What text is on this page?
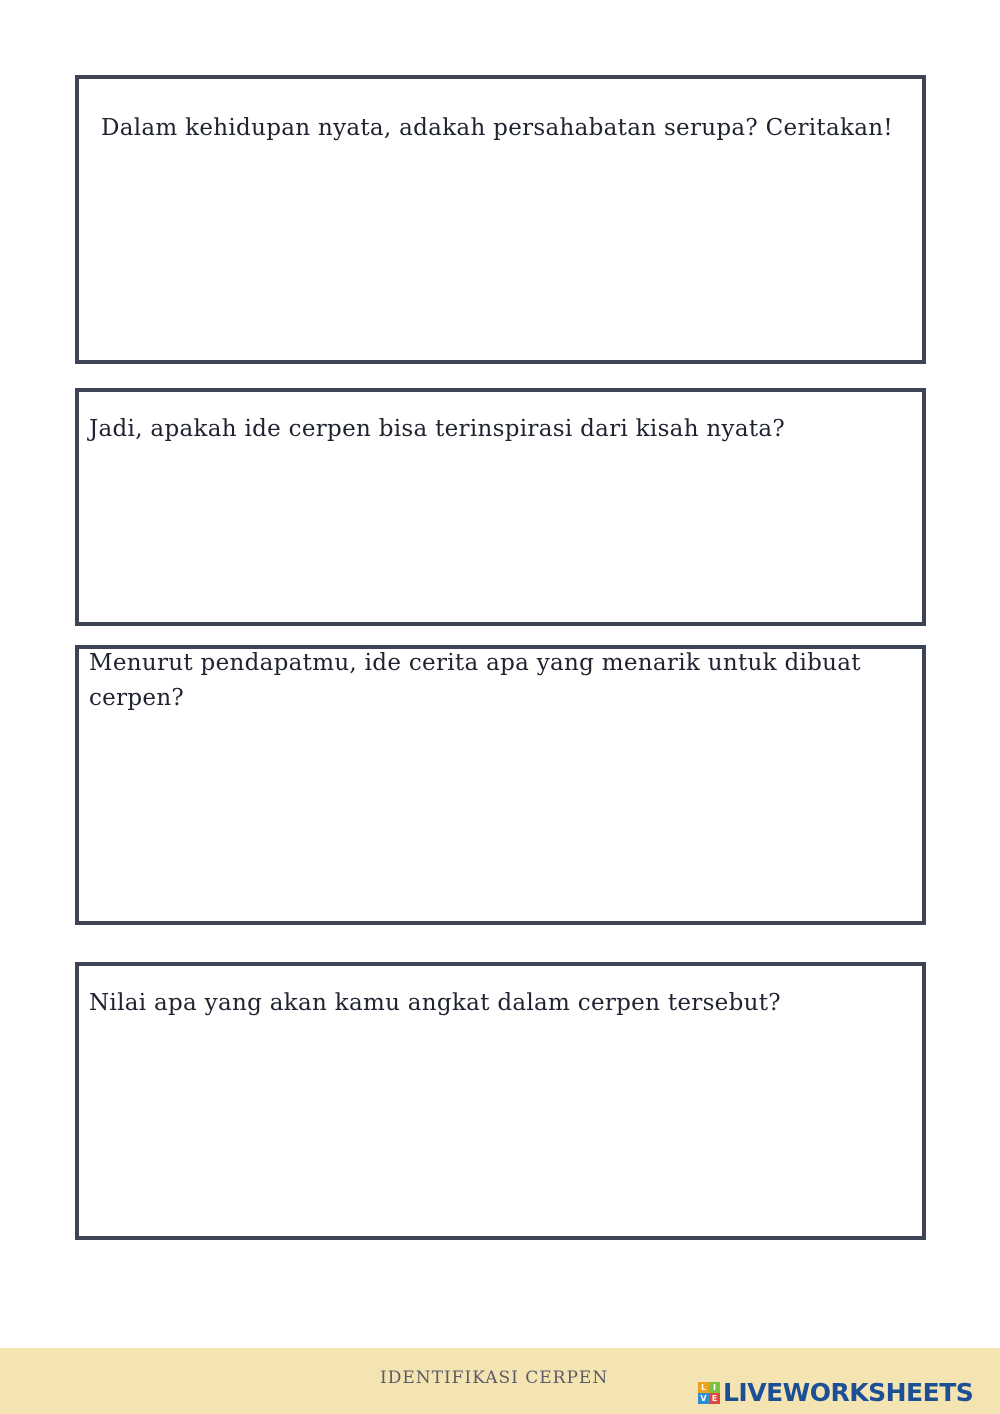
Dalam kehidupan nyata, adakah persahabatan serupa? Ceritakan!
Jadi, apakah ide cerpen bisa terinspirasi dari kisah nyata?
Menurut pendapatmu, ide cerita apa yang menarik untuk dibuat cerpen?
Nilai apa yang akan kamu angkat dalam cerpen tersebut?
IDENTIFIKASI CERPEN	L I
V E LIVEWORKSHEETS
